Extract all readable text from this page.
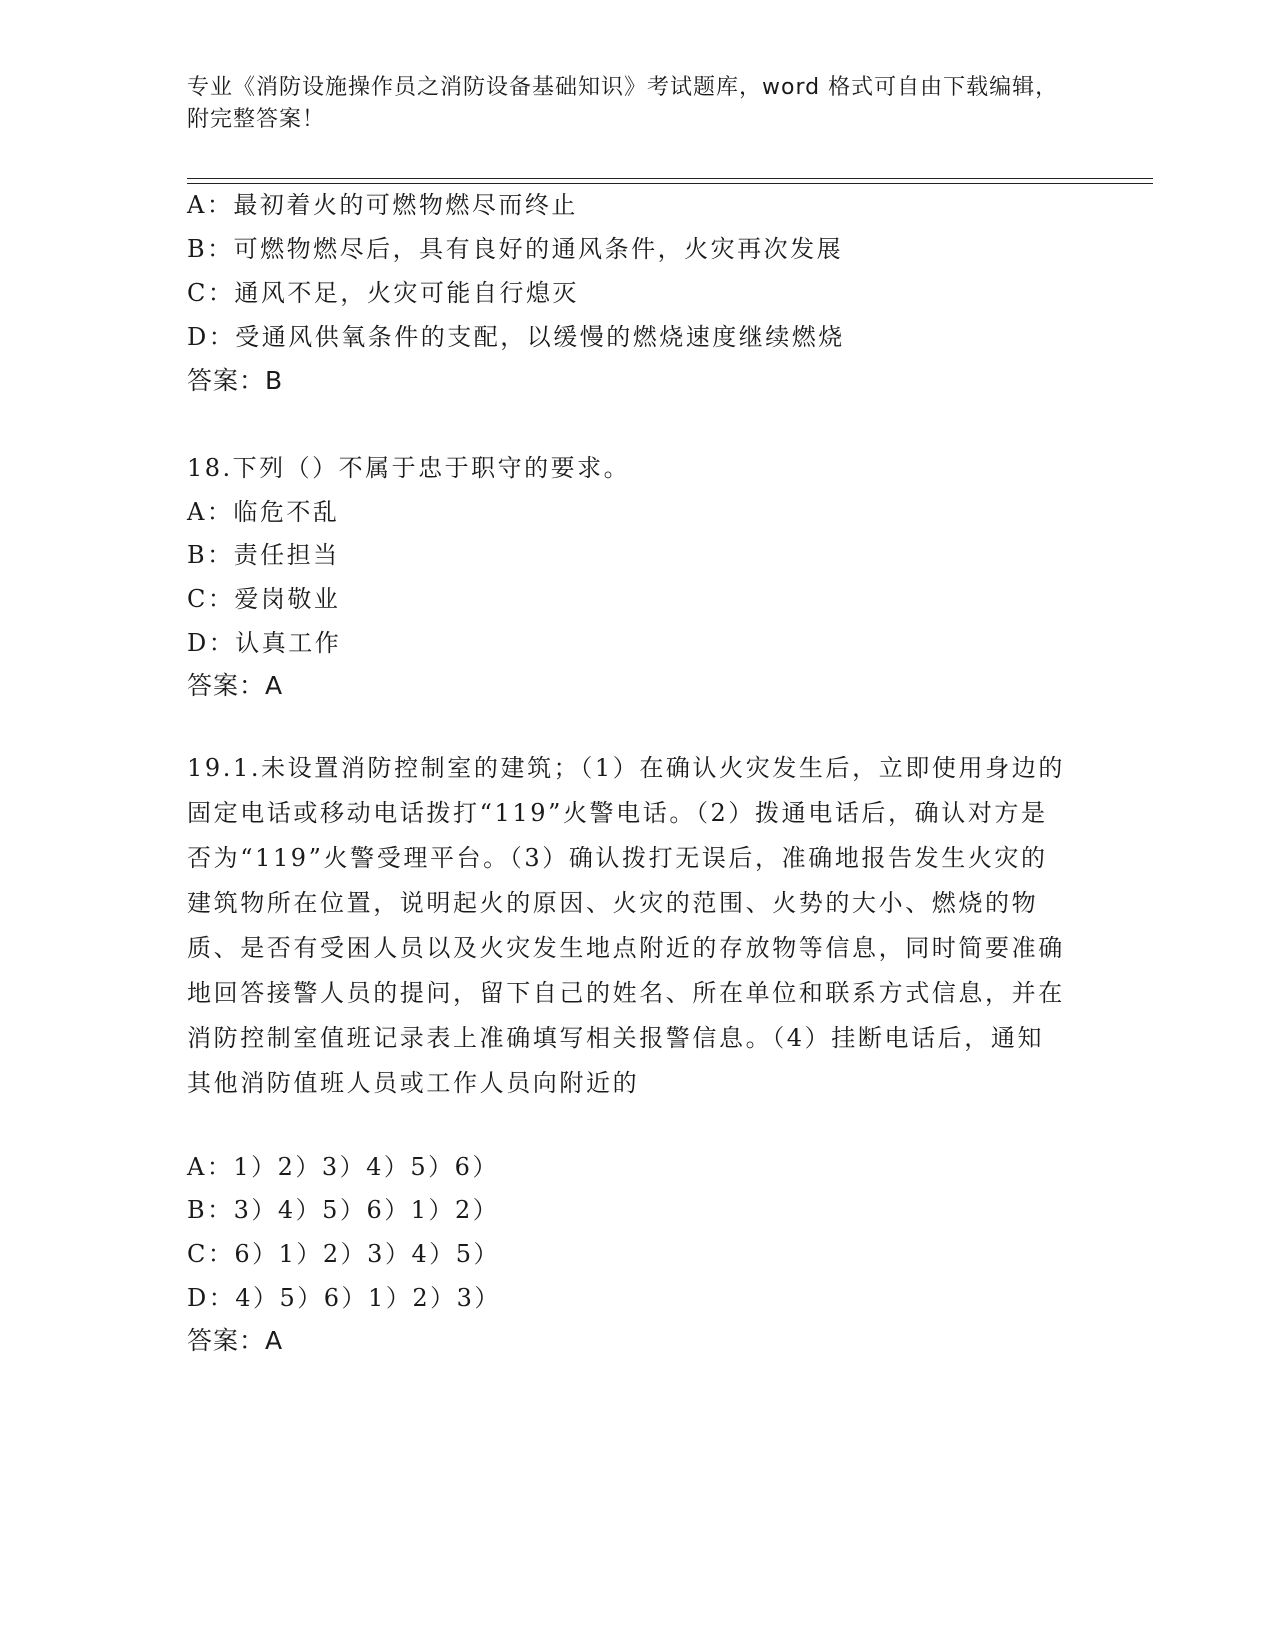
专业《消防设施操作员之消防设备基础知识》考试题库，word 格式可自由下载编辑，附完整答案！
A：最初着火的可燃物燃尽而终止
B：可燃物燃尽后，具有良好的通风条件，火灾再次发展
C：通风不足，火灾可能自行熄灭
D：受通风供氧条件的支配，以缓慢的燃烧速度继续燃烧
答案：B
18.下列（）不属于忠于职守的要求。
A：临危不乱
B：责任担当
C：爱岗敬业
D：认真工作
答案：A
19.1.未设置消防控制室的建筑；（1）在确认火灾发生后，立即使用身边的固定电话或移动电话拨打“119”火警电话。（2）拨通电话后，确认对方是否为“119”火警受理平台。（3）确认拨打无误后，准确地报告发生火灾的建筑物所在位置，说明起火的原因、火灾的范围、火势的大小、燃烧的物质、是否有受困人员以及火灾发生地点附近的存放物等信息，同时简要准确地回答接警人员的提问，留下自己的姓名、所在单位和联系方式信息，并在消防控制室值班记录表上准确填写相关报警信息。（4）挂断电话后，通知其他消防值班人员或工作人员向附近的
A：1）2）3）4）5）6）
B：3）4）5）6）1）2）
C：6）1）2）3）4）5）
D：4）5）6）1）2）3）
答案：A
